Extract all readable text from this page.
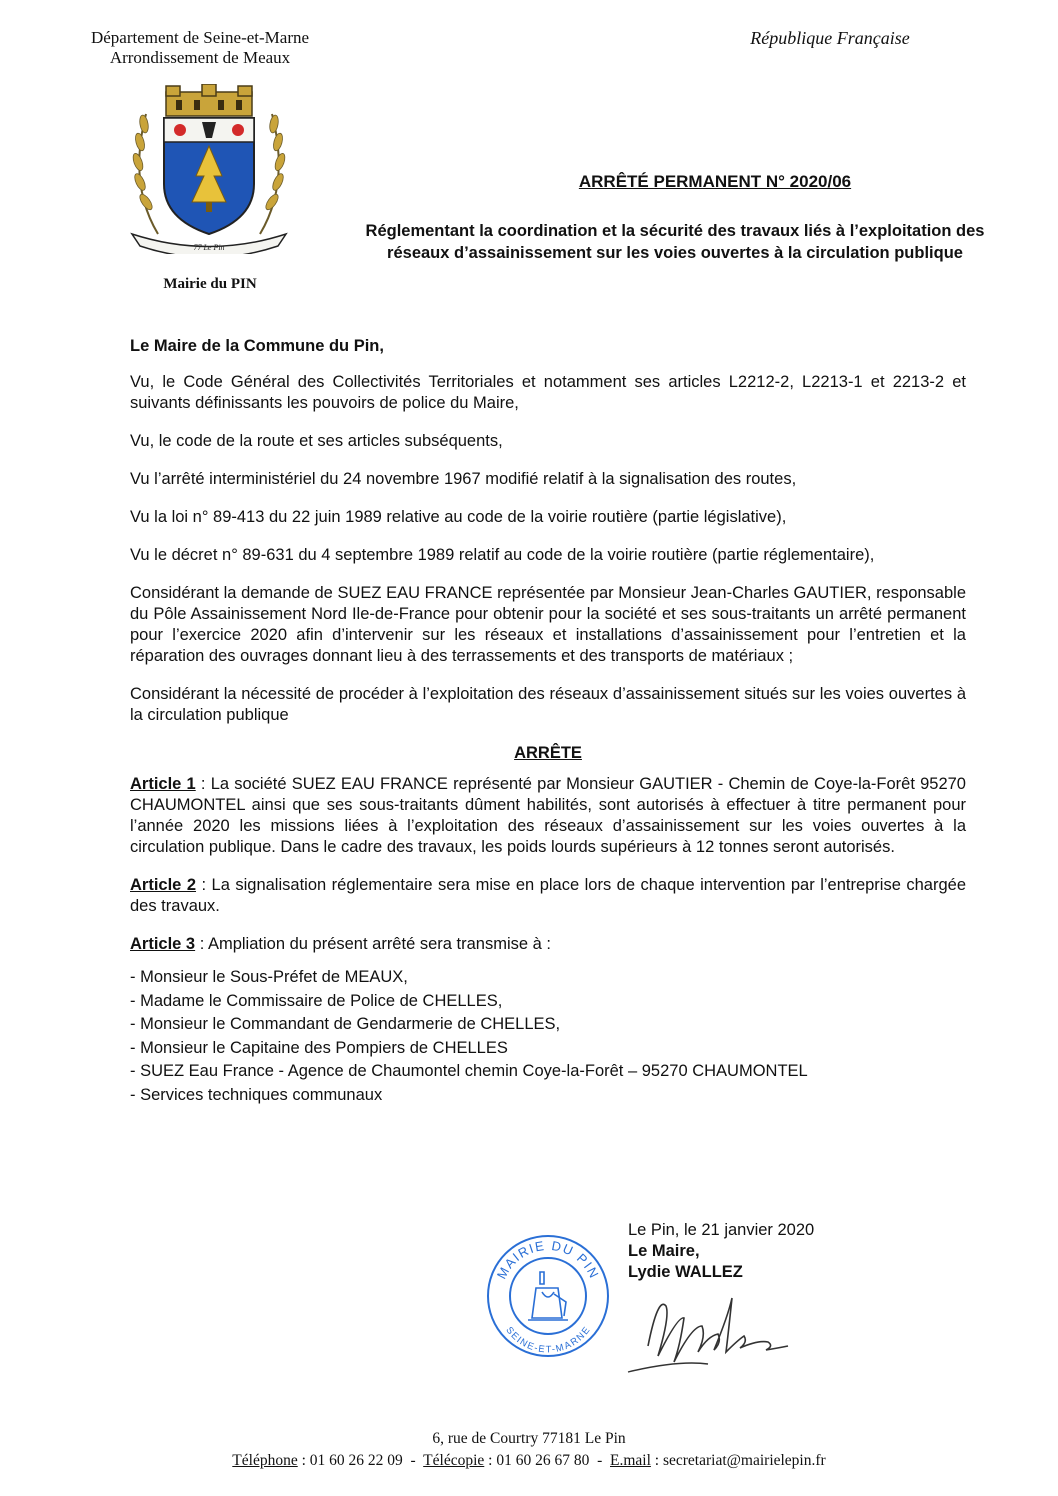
Département de Seine-et-Marne
Arrondissement de Meaux
République Française
77 Le Pin
Mairie du PIN
ARRÊTÉ PERMANENT N° 2020/06
Réglementant la coordination et la sécurité des travaux liés à l’exploitation des réseaux d’assainissement sur les voies ouvertes à la circulation publique

Le Maire de la Commune du Pin,

Vu, le Code Général des Collectivités Territoriales et notamment ses articles L2212-2, L2213-1 et 2213-2 et suivants définissants les pouvoirs de police du Maire,

Vu, le code de la route et ses articles subséquents,

Vu l’arrêté interministériel du 24 novembre 1967 modifié relatif à la signalisation des routes,

Vu la loi n° 89-413 du 22 juin 1989 relative au code de la voirie routière (partie législative),

Vu le décret n° 89-631 du 4 septembre 1989 relatif au code de la voirie routière (partie réglementaire),

Considérant la demande de SUEZ EAU FRANCE représentée par Monsieur Jean-Charles GAUTIER, responsable du Pôle Assainissement Nord Ile-de-France pour obtenir pour la société et ses sous-traitants un arrêté permanent pour l’exercice 2020 afin d’intervenir sur les réseaux et installations d’assainissement pour l’entretien et la réparation des ouvrages donnant lieu à des terrassements et des transports de matériaux ;

Considérant la nécessité de procéder à l’exploitation des réseaux d’assainissement situés sur les voies ouvertes à la circulation publique

ARRÊTE

Article 1 : La société SUEZ EAU FRANCE représenté par Monsieur GAUTIER - Chemin de Coye-la-Forêt 95270 CHAUMONTEL ainsi que ses sous-traitants dûment habilités, sont autorisés à effectuer à titre permanent pour l’année 2020 les missions liées à l’exploitation des réseaux d’assainissement sur les voies ouvertes à la circulation publique. Dans le cadre des travaux, les poids lourds supérieurs à 12 tonnes seront autorisés.

Article 2 : La signalisation réglementaire sera mise en place lors de chaque intervention par l’entreprise chargée des travaux.

Article 3 : Ampliation du présent arrêté sera transmise à :

- Monsieur le Sous-Préfet de MEAUX,
- Madame le Commissaire de Police de CHELLES,
- Monsieur le Commandant de Gendarmerie de CHELLES,
- Monsieur le Capitaine des Pompiers de CHELLES
- SUEZ Eau France - Agence de Chaumontel chemin Coye-la-Forêt – 95270 CHAUMONTEL
- Services techniques communaux
Le Pin, le 21 janvier 2020
Le Maire,
Lydie WALLEZ
MAIRIE DU PIN
SEINE-ET-MARNE
6, rue de Courtry 77181 Le Pin
Téléphone : 01 60 26 22 09  -  Télécopie : 01 60 26 67 80  -  E.mail : secretariat@mairielepin.fr
